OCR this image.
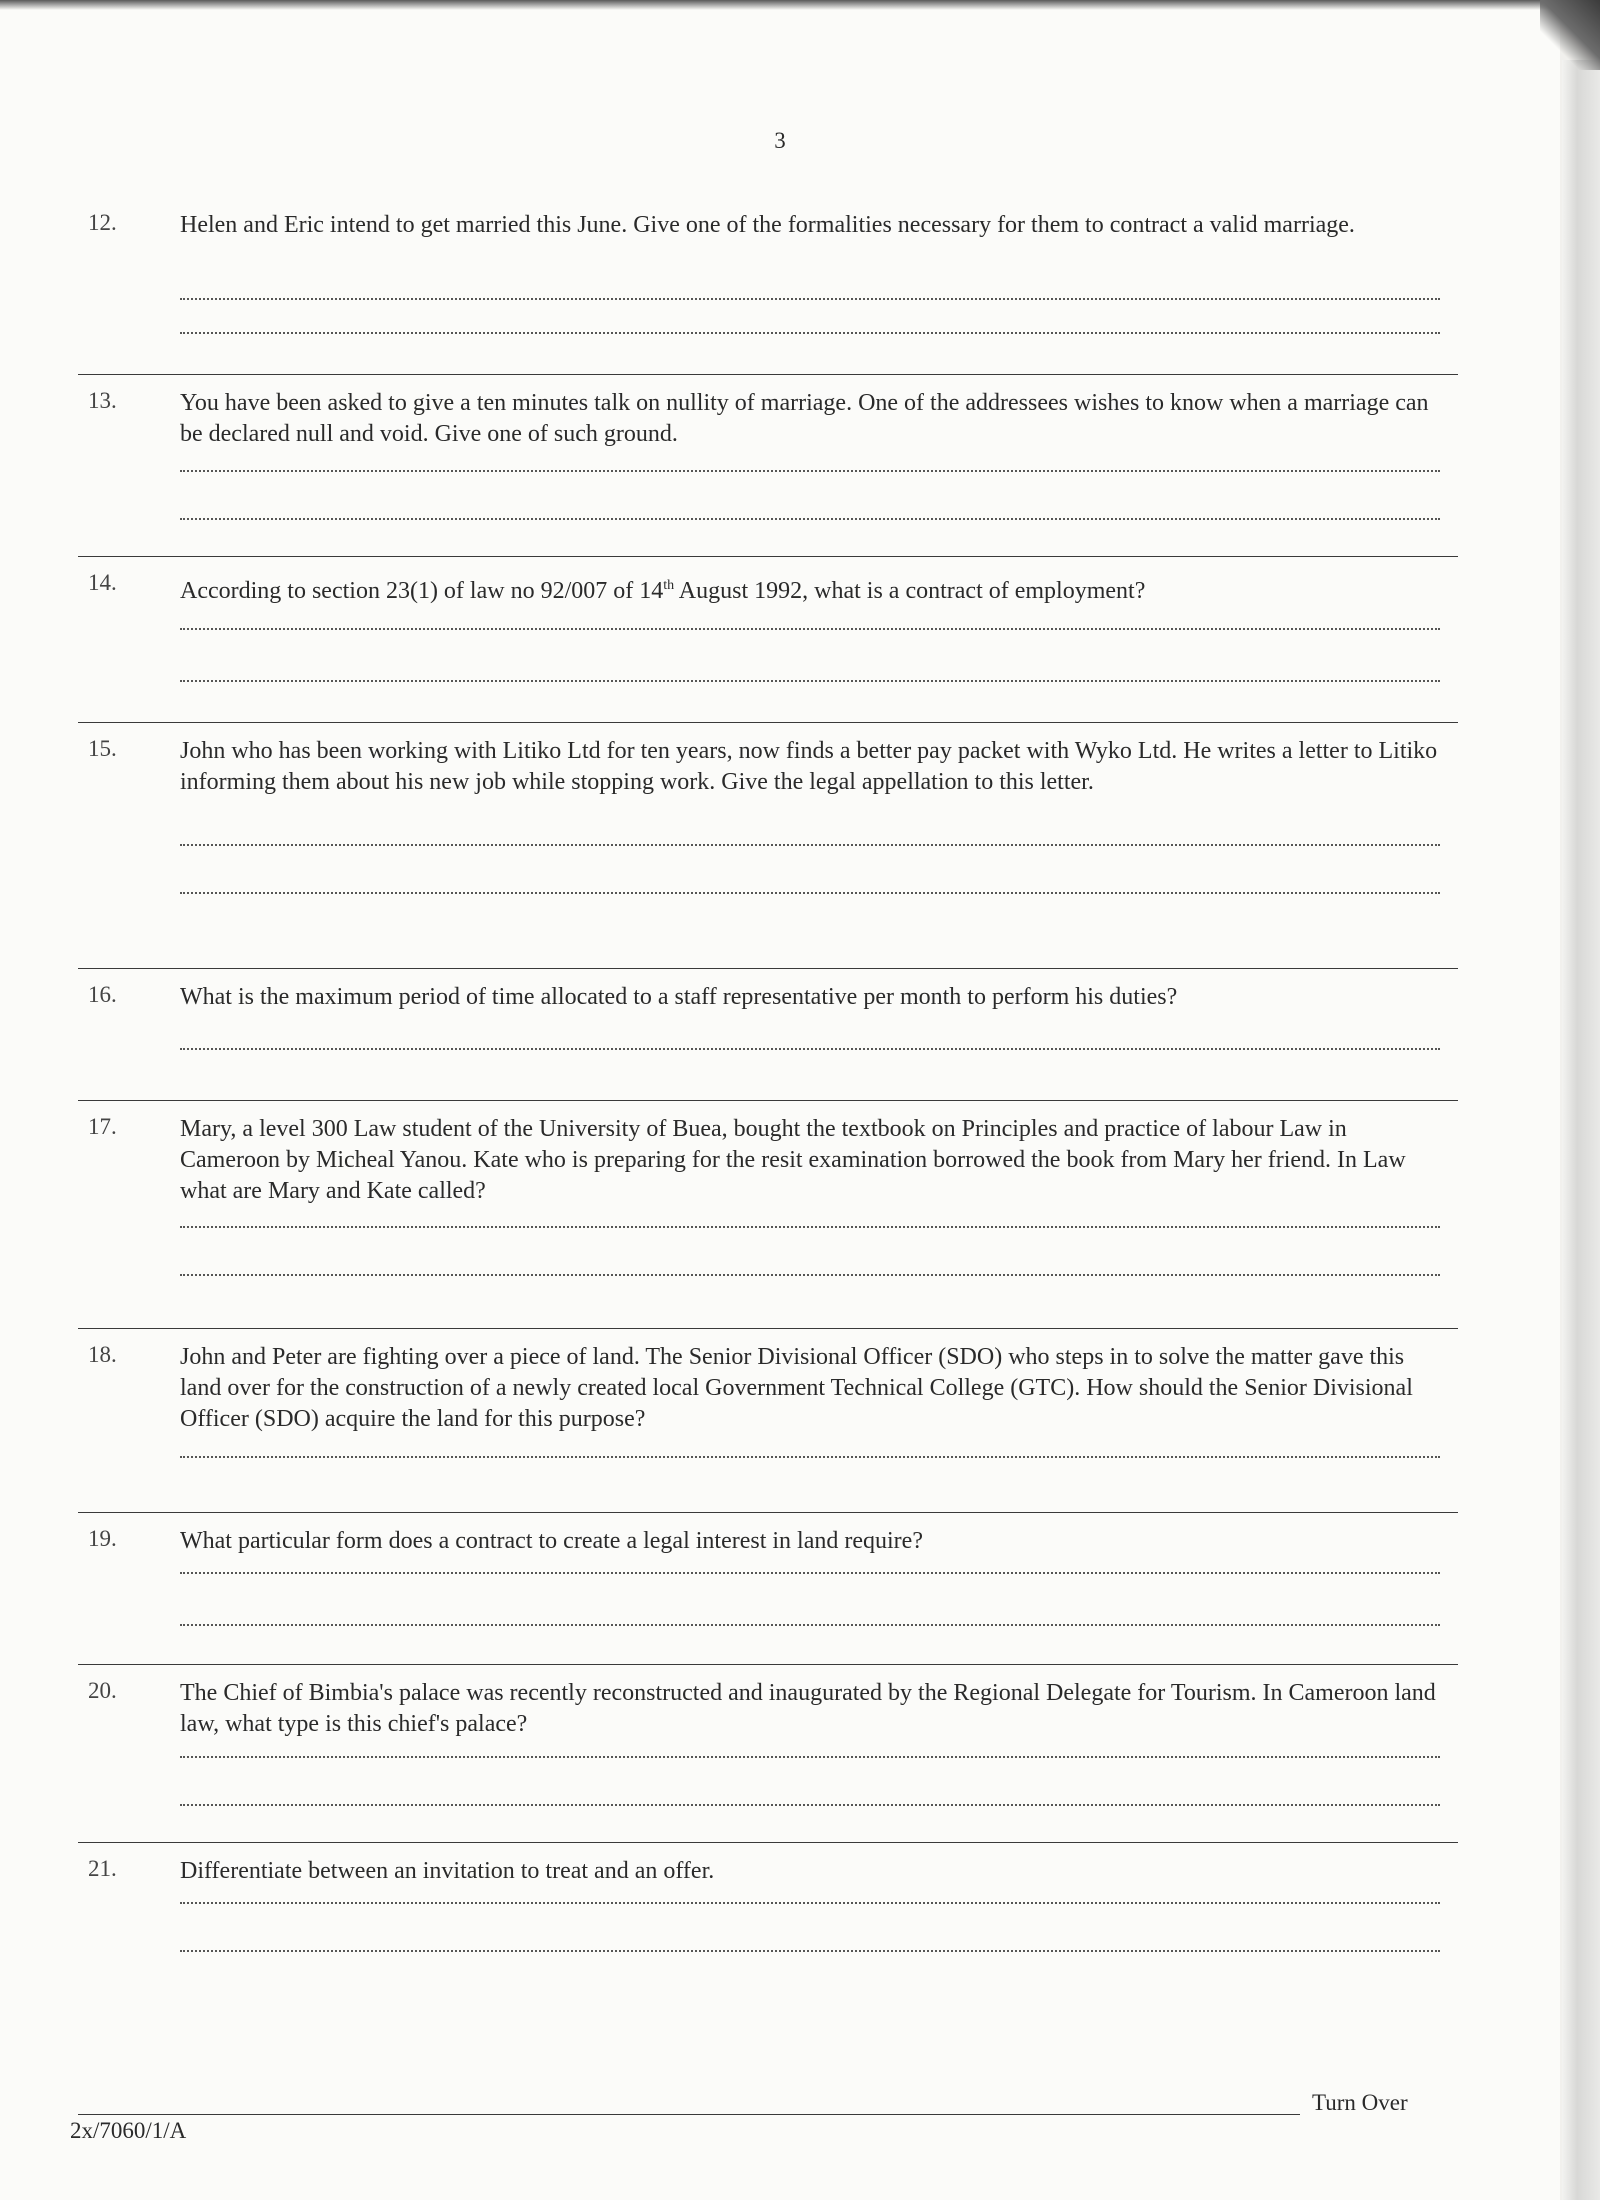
3
12.	Helen and Eric intend to get married this June. Give one of the formalities necessary for them to contract a valid marriage.
13.	You have been asked to give a ten minutes talk on nullity of marriage. One of the addressees wishes to know when a marriage can be declared null and void. Give one of such ground.
14.	According to section 23(1) of law no 92/007 of 14th August 1992, what is a contract of employment?
15.	John who has been working with Litiko Ltd for ten years, now finds a better pay packet with Wyko Ltd. He writes a letter to Litiko informing them about his new job while stopping work. Give the legal appellation to this letter.
16.	What is the maximum period of time allocated to a staff representative per month to perform his duties?
17.	Mary, a level 300 Law student of the University of Buea, bought the textbook on Principles and practice of labour Law in Cameroon by Micheal Yanou. Kate who is preparing for the resit examination borrowed the book from Mary her friend. In Law what are Mary and Kate called?
18.	John and Peter are fighting over a piece of land. The Senior Divisional Officer (SDO) who steps in to solve the matter gave this land over for the construction of a newly created local Government Technical College (GTC). How should the Senior Divisional Officer (SDO) acquire the land for this purpose?
19.	What particular form does a contract to create a legal interest in land require?
20.	The Chief of Bimbia's palace was recently reconstructed and inaugurated by the Regional Delegate for Tourism. In Cameroon land law, what type is this chief's palace?
21.	Differentiate between an invitation to treat and an offer.
Turn Over
2x/7060/1/A
